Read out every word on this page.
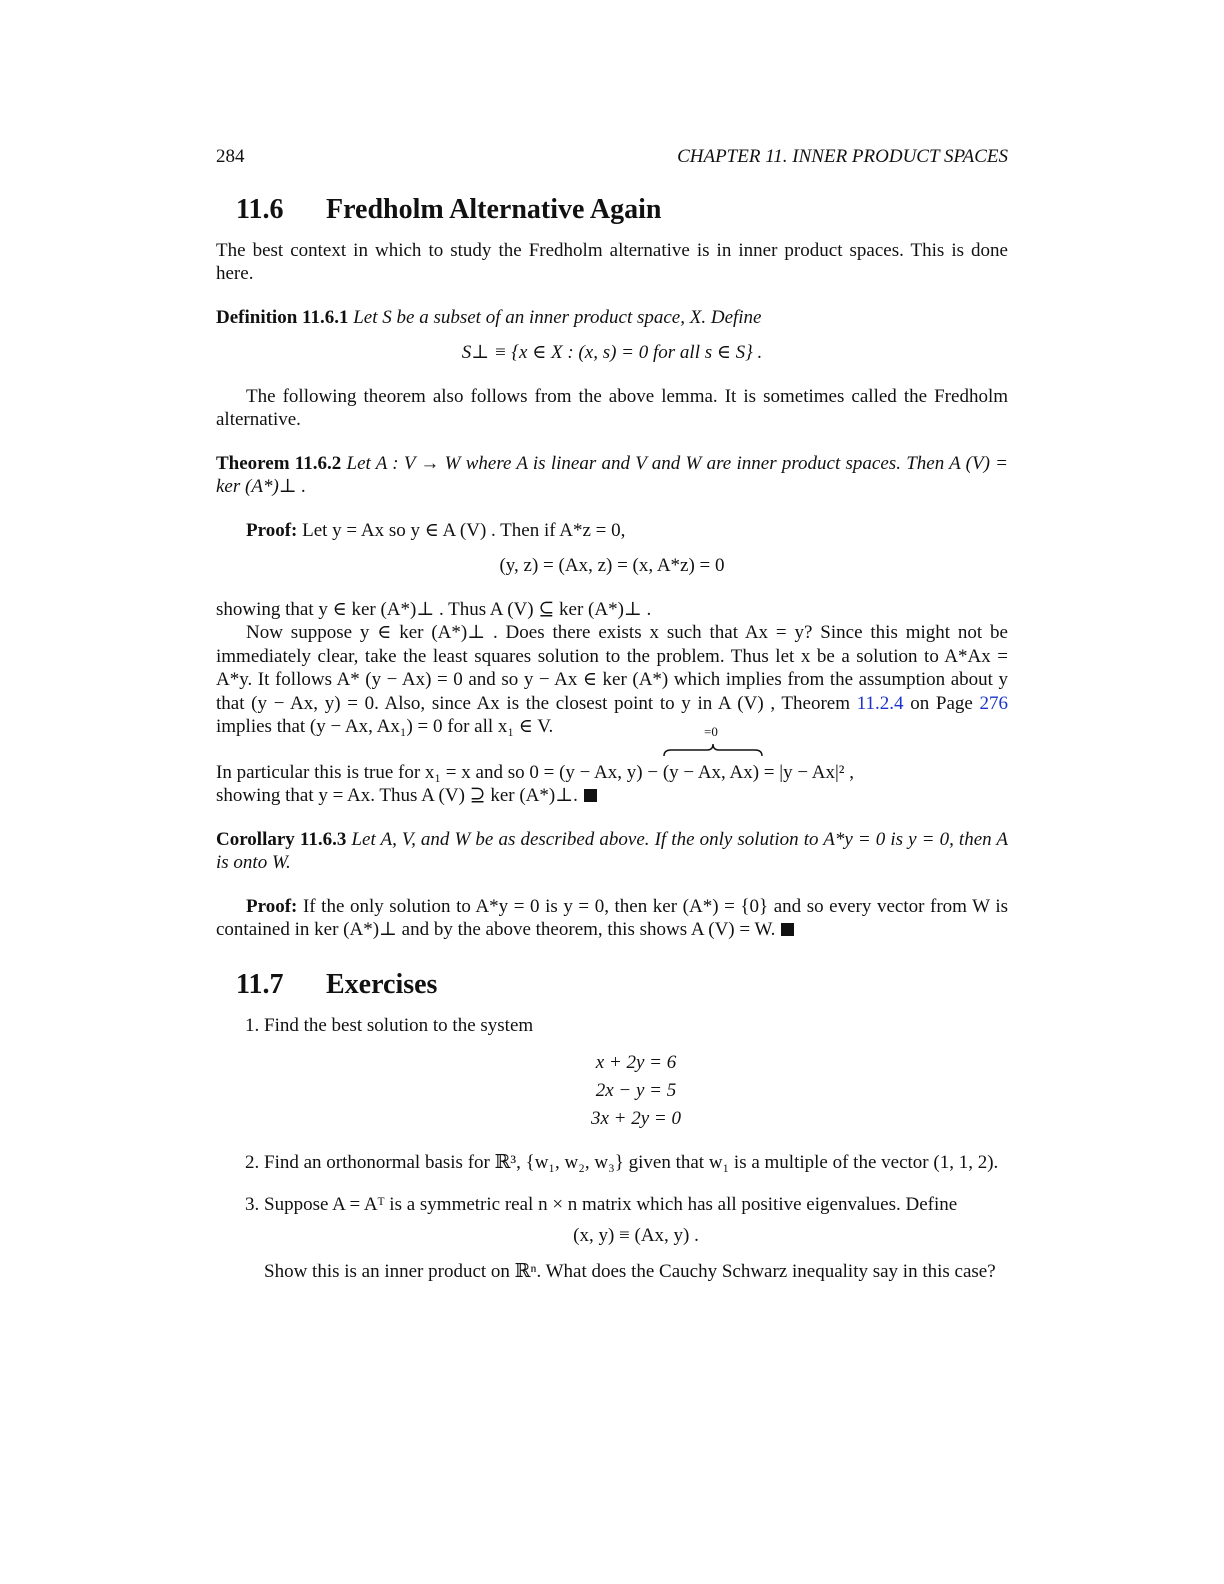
284	CHAPTER 11. INNER PRODUCT SPACES
11.6 Fredholm Alternative Again

The best context in which to study the Fredholm alternative is in inner product spaces. This is done here.

Definition 11.6.1 Let S be a subset of an inner product space, X. Define

S⊥ ≡ {x ∈ X : (x, s) = 0 for all s ∈ S} .

The following theorem also follows from the above lemma. It is sometimes called the Fredholm alternative.

Theorem 11.6.2 Let A : V → W where A is linear and V and W are inner product spaces. Then A (V) = ker (A*)⊥ .

Proof: Let y = Ax so y ∈ A (V) . Then if A*z = 0,

(y, z) = (Ax, z) = (x, A*z) = 0

showing that y ∈ ker (A*)⊥ . Thus A (V) ⊆ ker (A*)⊥ .

Now suppose y ∈ ker (A*)⊥ . Does there exists x such that Ax = y? Since this might not be immediately clear, take the least squares solution to the problem. Thus let x be a solution to A*Ax = A*y. It follows A* (y − Ax) = 0 and so y − Ax ∈ ker (A*) which implies from the assumption about y that (y − Ax, y) = 0. Also, since Ax is the closest point to y in A (V) , Theorem 11.2.4 on Page 276 implies that (y − Ax, Ax₁) = 0 for all x₁ ∈ V.

In particular this is true for x₁ = x and so 0 = (y − Ax, y) −
=0
(y − Ax, Ax) = |y − Ax|² ,

showing that y = Ax. Thus A (V) ⊇ ker (A*)⊥.

Corollary 11.6.3 Let A, V, and W be as described above. If the only solution to A*y = 0 is y = 0, then A is onto W.

Proof: If the only solution to A*y = 0 is y = 0, then ker (A*) = {0} and so every vector from W is contained in ker (A*)⊥ and by the above theorem, this shows A (V) = W.

11.7 Exercises
1. Find the best solution to the system
x + 2y = 6
2x − y = 5
3x + 2y = 0
2. Find an orthonormal basis for ℝ³, {w₁, w₂, w₃} given that w₁ is a multiple of the vector (1, 1, 2).
3. Suppose A = Aᵀ is a symmetric real n × n matrix which has all positive eigenvalues. Define
(x, y) ≡ (Ax, y) .
Show this is an inner product on ℝⁿ. What does the Cauchy Schwarz inequality say in this case?
